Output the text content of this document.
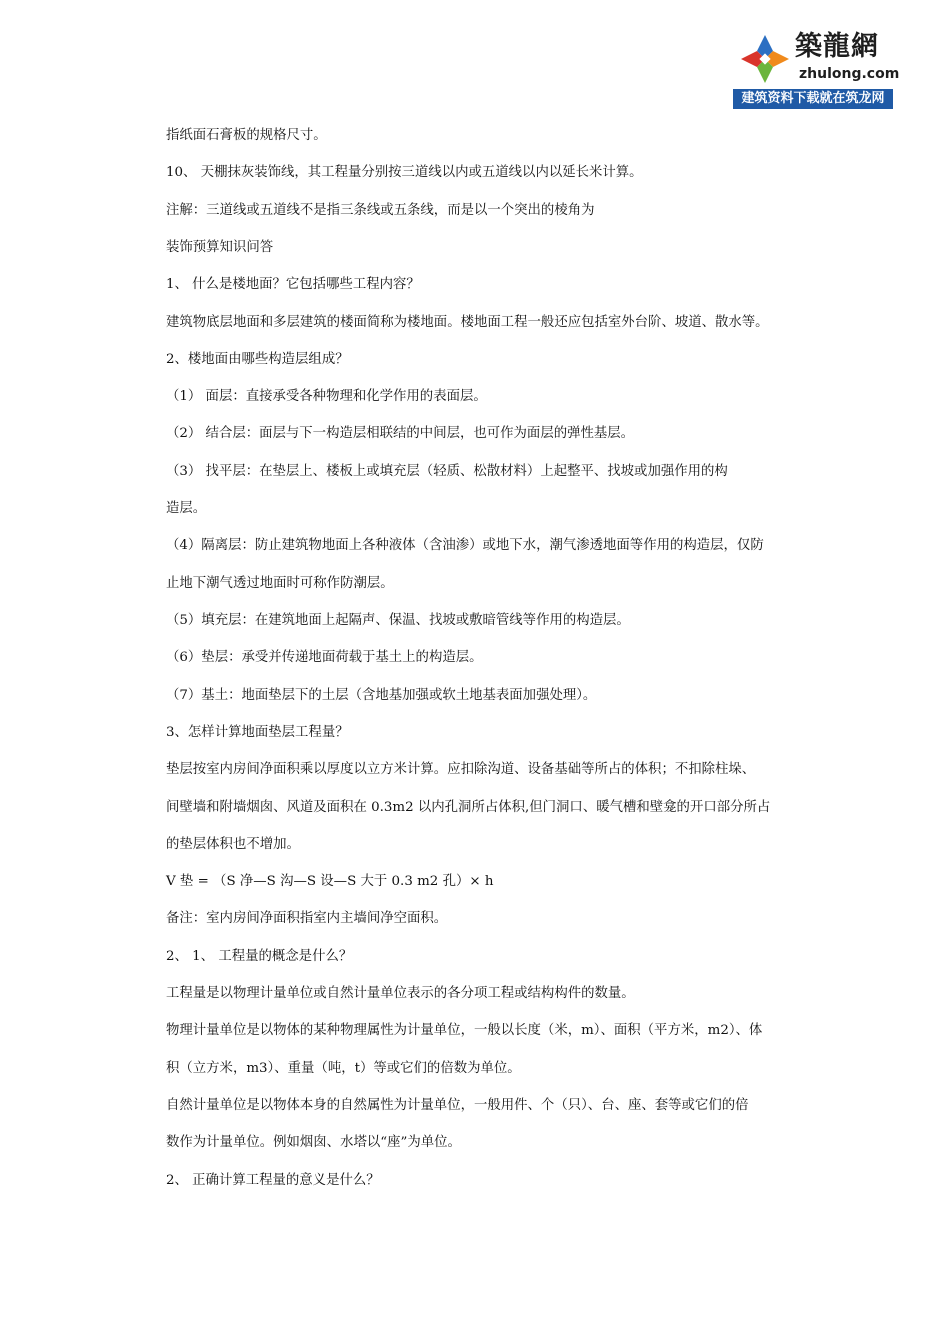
築龍網
zhulong.com
建筑资料下载就在筑龙网
指纸面石膏板的规格尺寸。
10、 天棚抹灰装饰线，其工程量分别按三道线以内或五道线以内以延长米计算。
注解：三道线或五道线不是指三条线或五条线，而是以一个突出的棱角为
装饰预算知识问答
1、 什么是楼地面？它包括哪些工程内容？
建筑物底层地面和多层建筑的楼面简称为楼地面。楼地面工程一般还应包括室外台阶、坡道、散水等。
2、楼地面由哪些构造层组成？
（1） 面层：直接承受各种物理和化学作用的表面层。
（2） 结合层：面层与下一构造层相联结的中间层，也可作为面层的弹性基层。
（3） 找平层：在垫层上、楼板上或填充层（轻质、松散材料）上起整平、找坡或加强作用的构
造层。
（4）隔离层：防止建筑物地面上各种液体（含油渗）或地下水，潮气渗透地面等作用的构造层，仅防
止地下潮气透过地面时可称作防潮层。
（5）填充层：在建筑地面上起隔声、保温、找坡或敷暗管线等作用的构造层。
（6）垫层：承受并传递地面荷载于基土上的构造层。
（7）基土：地面垫层下的土层（含地基加强或软土地基表面加强处理）。
3、怎样计算地面垫层工程量？
垫层按室内房间净面积乘以厚度以立方米计算。应扣除沟道、设备基础等所占的体积；不扣除柱垛、
间壁墙和附墙烟囱、风道及面积在 0.3m2 以内孔洞所占体积,但门洞口、暖气槽和壁龛的开口部分所占
的垫层体积也不增加。
V 垫 = （S 净—S 沟—S 设—S 大于 0.3 m2 孔）× h
备注：室内房间净面积指室内主墙间净空面积。
2、 1、 工程量的概念是什么？
工程量是以物理计量单位或自然计量单位表示的各分项工程或结构构件的数量。
物理计量单位是以物体的某种物理属性为计量单位，一般以长度（米，m）、面积（平方米，m2）、体
积（立方米，m3）、重量（吨，t）等或它们的倍数为单位。
自然计量单位是以物体本身的自然属性为计量单位，一般用件、个（只）、台、座、套等或它们的倍
数作为计量单位。例如烟囱、水塔以“座”为单位。
2、 正确计算工程量的意义是什么？
